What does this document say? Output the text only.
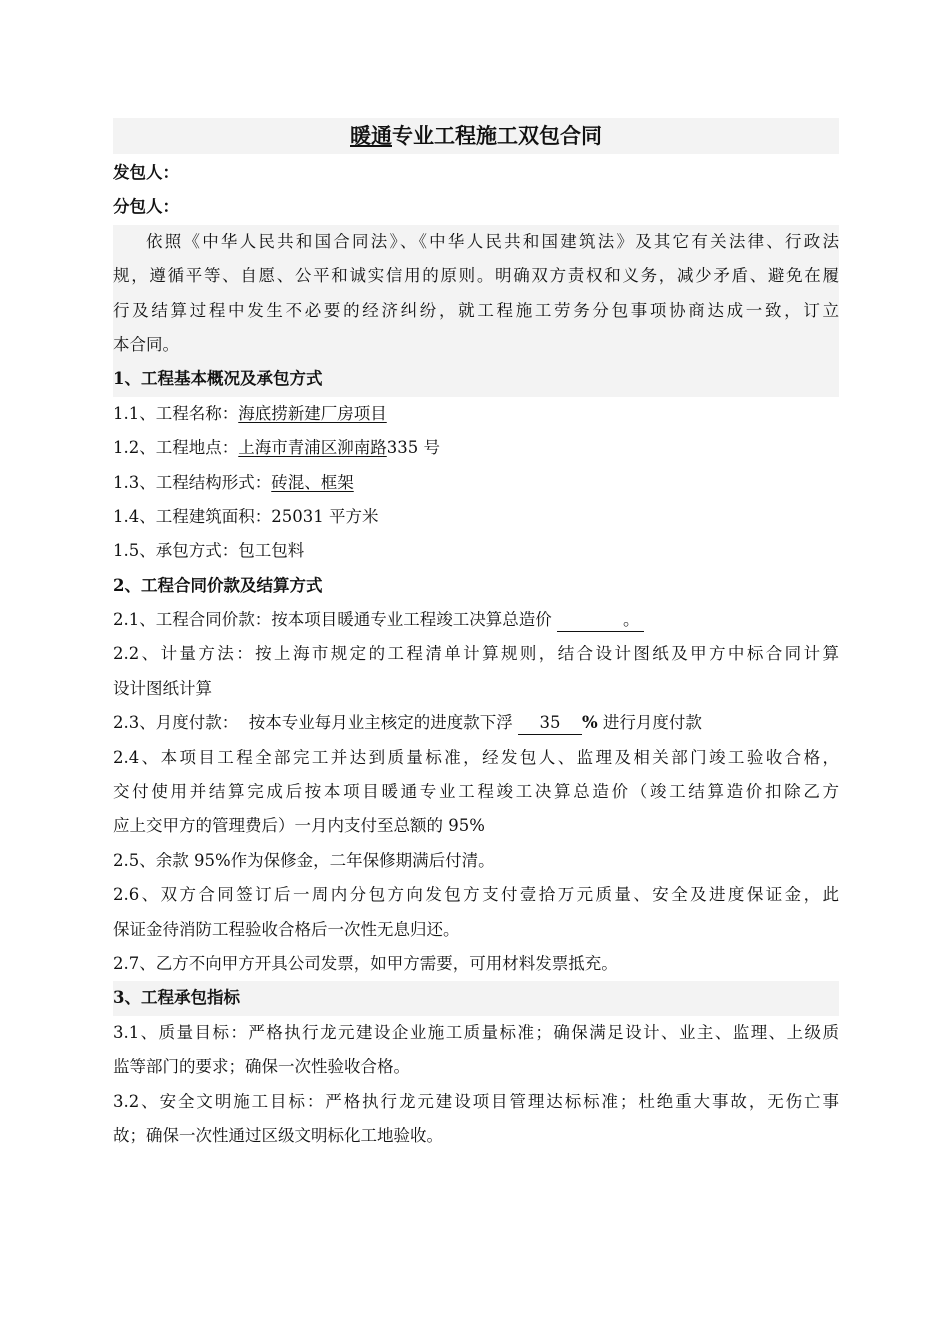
暖通专业工程施工双包合同
发包人：
分包人：
依照《中华人民共和国合同法》、《中华人民共和国建筑法》及其它有关法律、行政法
规，遵循平等、自愿、公平和诚实信用的原则。明确双方责权和义务，减少矛盾、避免在履
行及结算过程中发生不必要的经济纠纷，就工程施工劳务分包事项协商达成一致，订立
本合同。
1、工程基本概况及承包方式
1.1、工程名称：海底捞新建厂房项目
1.2、工程地点：上海市青浦区泖南路335 号
1.3、工程结构形式：砖混、框架
1.4、工程建筑面积：25031 平方米
1.5、承包方式：包工包料
2、工程合同价款及结算方式
2.1、工程合同价款：按本项目暖通专业工程竣工决算总造价	。
2.2、计量方法：按上海市规定的工程清单计算规则，结合设计图纸及甲方中标合同计算
设计图纸计算
2.3、月度付款：  按本专业每月业主核定的进度款下浮 35 % 进行月度付款
2.4、本项目工程全部完工并达到质量标准，经发包人、监理及相关部门竣工验收合格，
交付使用并结算完成后按本项目暖通专业工程竣工决算总造价（竣工结算造价扣除乙方
应上交甲方的管理费后）一月内支付至总额的 95%
2.5、余款 95%作为保修金，二年保修期满后付清。
2.6、双方合同签订后一周内分包方向发包方支付壹拾万元质量、安全及进度保证金，此
保证金待消防工程验收合格后一次性无息归还。
2.7、乙方不向甲方开具公司发票，如甲方需要，可用材料发票抵充。
3、工程承包指标
3.1、质量目标：严格执行龙元建设企业施工质量标准；确保满足设计、业主、监理、上级质
监等部门的要求；确保一次性验收合格。
3.2、安全文明施工目标：严格执行龙元建设项目管理达标标准；杜绝重大事故，无伤亡事
故；确保一次性通过区级文明标化工地验收。
